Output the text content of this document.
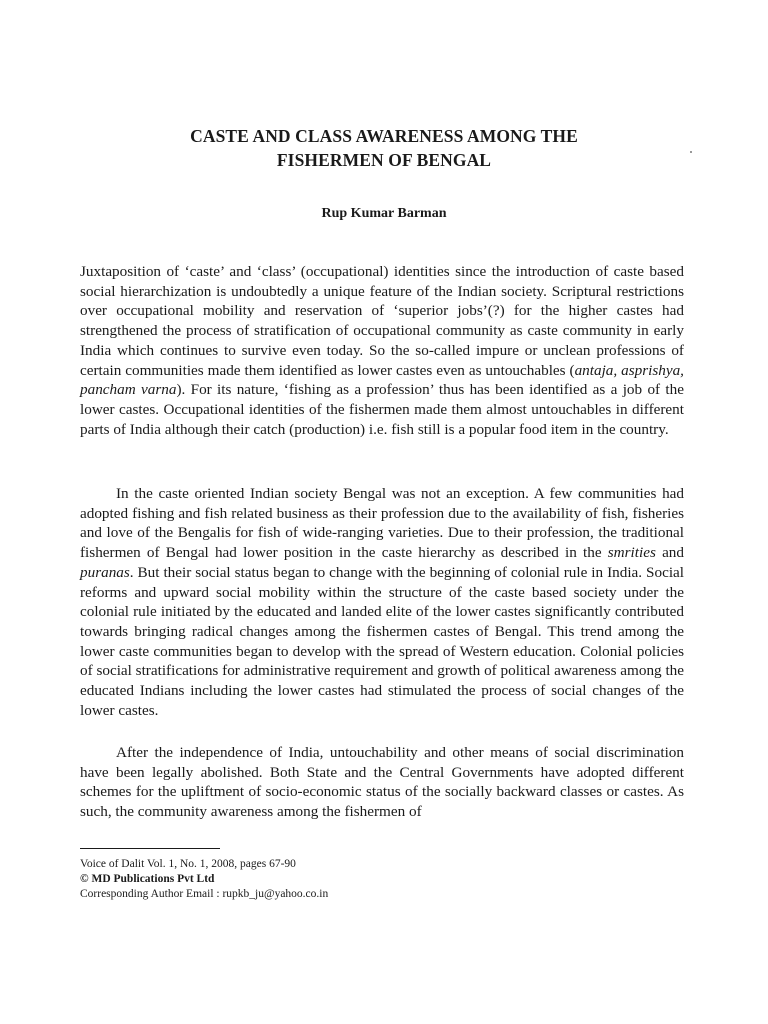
CASTE AND CLASS AWARENESS AMONG THE
FISHERMEN OF BENGAL
Rup Kumar Barman

Juxtaposition of ‘caste’ and ‘class’ (occupational) identities since the introduction of caste based social hierarchization is undoubtedly a unique feature of the Indian society. Scriptural restrictions over occupational mobility and reservation of ‘superior jobs’(?) for the higher castes had strengthened the process of stratification of occupational community as caste community in early India which continues to survive even today. So the so-called impure or unclean professions of certain communities made them identified as lower castes even as untouchables (antaja, asprishya, pancham varna). For its nature, ‘fishing as a profession’ thus has been identified as a job of the lower castes. Occupational identities of the fishermen made them almost untouchables in different parts of India although their catch (production) i.e. fish still is a popular food item in the country.

In the caste oriented Indian society Bengal was not an exception. A few communities had adopted fishing and fish related business as their profession due to the availability of fish, fisheries and love of the Bengalis for fish of wide-ranging varieties. Due to their profession, the traditional fishermen of Bengal had lower position in the caste hierarchy as described in the smrities and puranas. But their social status began to change with the beginning of colonial rule in India. Social reforms and upward social mobility within the structure of the caste based society under the colonial rule initiated by the educated and landed elite of the lower castes significantly contributed towards bringing radical changes among the fishermen castes of Bengal. This trend among the lower caste communities began to develop with the spread of Western education. Colonial policies of social stratifications for administrative requirement and growth of political awareness among the educated Indians including the lower castes had stimulated the process of social changes of the lower castes.

After the independence of India, untouchability and other means of social discrimination have been legally abolished. Both State and the Central Governments have adopted different schemes for the upliftment of socio-economic status of the socially backward classes or castes. As such, the community awareness among the fishermen of

Voice of Dalit Vol. 1, No. 1, 2008, pages 67-90
© MD Publications Pvt Ltd
Corresponding Author Email : rupkb_ju@yahoo.co.in
